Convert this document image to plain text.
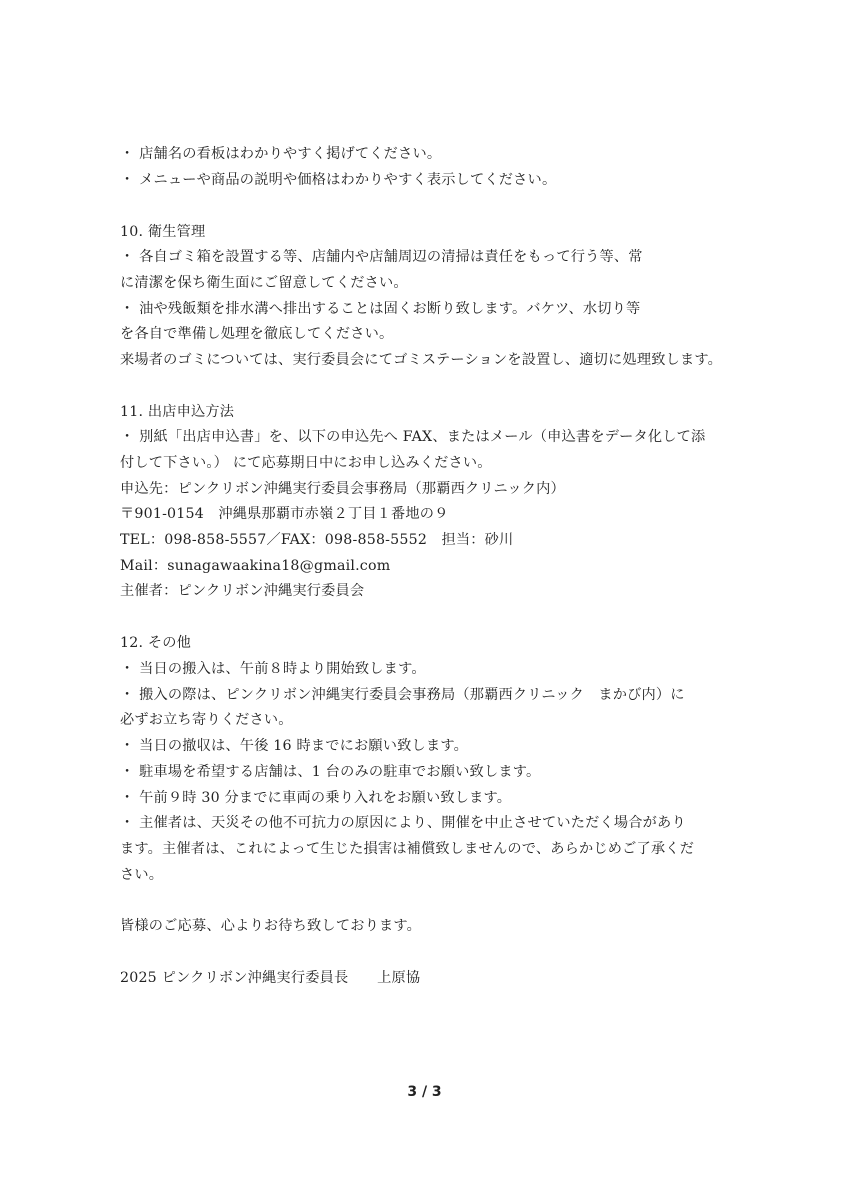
・ 店舗名の看板はわかりやすく掲げてください。
・ メニューや商品の説明や価格はわかりやすく表示してください。
10. 衛生管理
・ 各自ゴミ箱を設置する等、店舗内や店舗周辺の清掃は責任をもって行う等、常
に清潔を保ち衛生面にご留意してください。
・ 油や残飯類を排水溝へ排出することは固くお断り致します。バケツ、水切り等
を各自で準備し処理を徹底してください。
来場者のゴミについては、実行委員会にてゴミステーションを設置し、適切に処理致します。
11. 出店申込方法
・ 別紙「出店申込書」を、以下の申込先へ FAX、またはメール（申込書をデータ化して添
付して下さい。） にて応募期日中にお申し込みください。
申込先：ピンクリボン沖縄実行委員会事務局（那覇西クリニック内）
〒901-0154　沖縄県那覇市赤嶺２丁目１番地の９
TEL：098-858-5557／FAX：098-858-5552　担当：砂川
Mail：sunagawaakina18@gmail.com
主催者：ピンクリボン沖縄実行委員会
12. その他
・ 当日の搬入は、午前８時より開始致します。
・ 搬入の際は、ピンクリボン沖縄実行委員会事務局（那覇西クリニック　まかび内）に
必ずお立ち寄りください。
・ 当日の撤収は、午後 16 時までにお願い致します。
・ 駐車場を希望する店舗は、1 台のみの駐車でお願い致します。
・ 午前９時 30 分までに車両の乗り入れをお願い致します。
・ 主催者は、天災その他不可抗力の原因により、開催を中止させていただく場合があり
ます。主催者は、これによって生じた損害は補償致しませんので、あらかじめご了承くだ
さい。
皆様のご応募、心よりお待ち致しております。
2025 ピンクリボン沖縄実行委員長　　上原協
3 / 3
